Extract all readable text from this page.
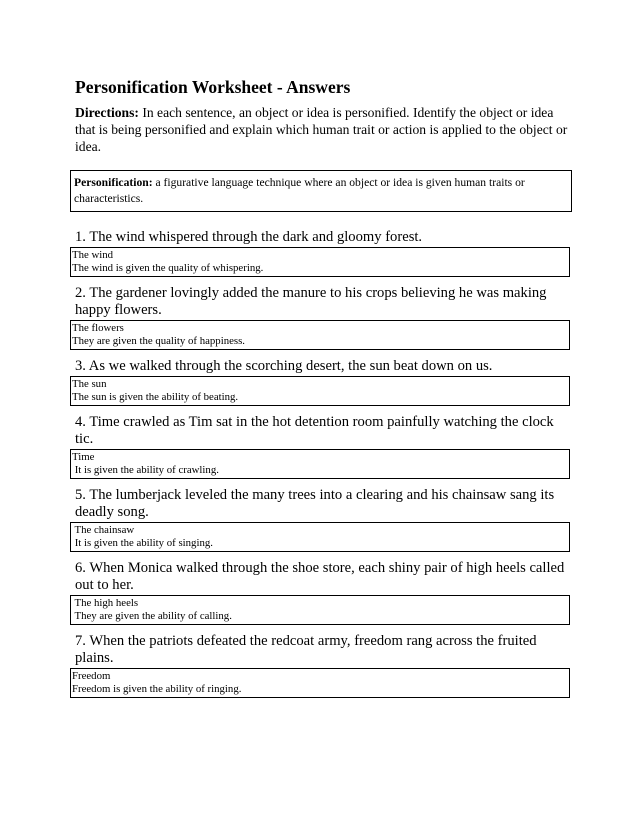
Personification Worksheet - Answers
Directions: In each sentence, an object or idea is personified. Identify the object or idea that is being personified and explain which human trait or action is applied to the object or idea.
Personification: a figurative language technique where an object or idea is given human traits or characteristics.
1. The wind whispered through the dark and gloomy forest.
The wind
The wind is given the quality of whispering.
2. The gardener lovingly added the manure to his crops believing he was making happy flowers.
The flowers
They are given the quality of happiness.
3. As we walked through the scorching desert, the sun beat down on us.
The sun
The sun is given the ability of beating.
4. Time crawled as Tim sat in the hot detention room painfully watching the clock tic.
Time
It is given the ability of crawling.
5. The lumberjack leveled the many trees into a clearing and his chainsaw sang its deadly song.
The chainsaw
It is given the ability of singing.
6. When Monica walked through the shoe store, each shiny pair of high heels called out to her.
The high heels
They are given the ability of calling.
7. When the patriots defeated the redcoat army, freedom rang across the fruited plains.
Freedom
Freedom is given the ability of ringing.
